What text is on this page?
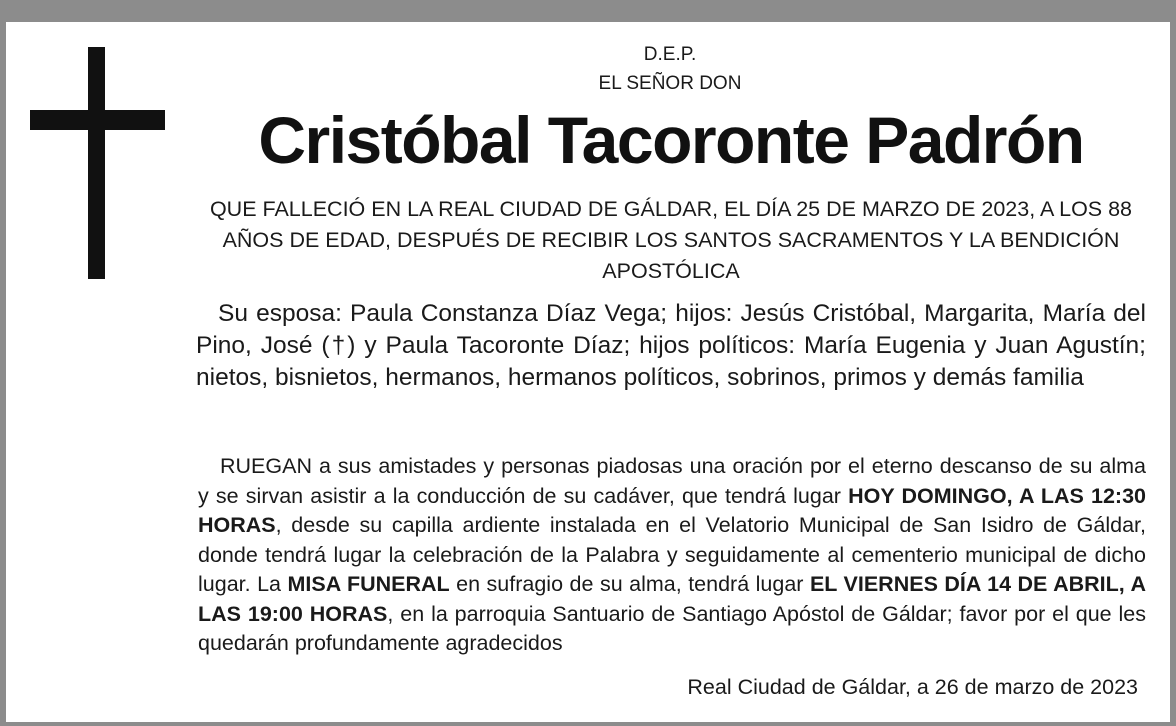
D.E.P.
EL SEÑOR DON
Cristóbal Tacoronte Padrón
QUE FALLECIÓ EN LA REAL CIUDAD DE GÁLDAR, EL DÍA 25 DE MARZO DE 2023, A LOS 88 AÑOS DE EDAD, DESPUÉS DE RECIBIR LOS SANTOS SACRAMENTOS Y LA BENDICIÓN APOSTÓLICA
Su esposa: Paula Constanza Díaz Vega; hijos: Jesús Cristóbal, Margarita, María del Pino, José (†) y Paula Tacoronte Díaz; hijos políticos: María Eugenia y Juan Agustín; nietos, bisnietos, hermanos, hermanos políticos, sobrinos, primos y demás familia
RUEGAN a sus amistades y personas piadosas una oración por el eterno descanso de su alma y se sirvan asistir a la conducción de su cadáver, que tendrá lugar HOY DOMINGO, A LAS 12:30 HORAS, desde su capilla ardiente instalada en el Velatorio Municipal de San Isidro de Gáldar, donde tendrá lugar la celebración de la Palabra y seguidamente al cementerio municipal de dicho lugar. La MISA FUNERAL en sufragio de su alma, tendrá lugar EL VIERNES DÍA 14 DE ABRIL, A LAS 19:00 HORAS, en la parroquia Santuario de Santiago Apóstol de Gáldar; favor por el que les quedarán profundamente agradecidos
Real Ciudad de Gáldar, a 26 de marzo de 2023
